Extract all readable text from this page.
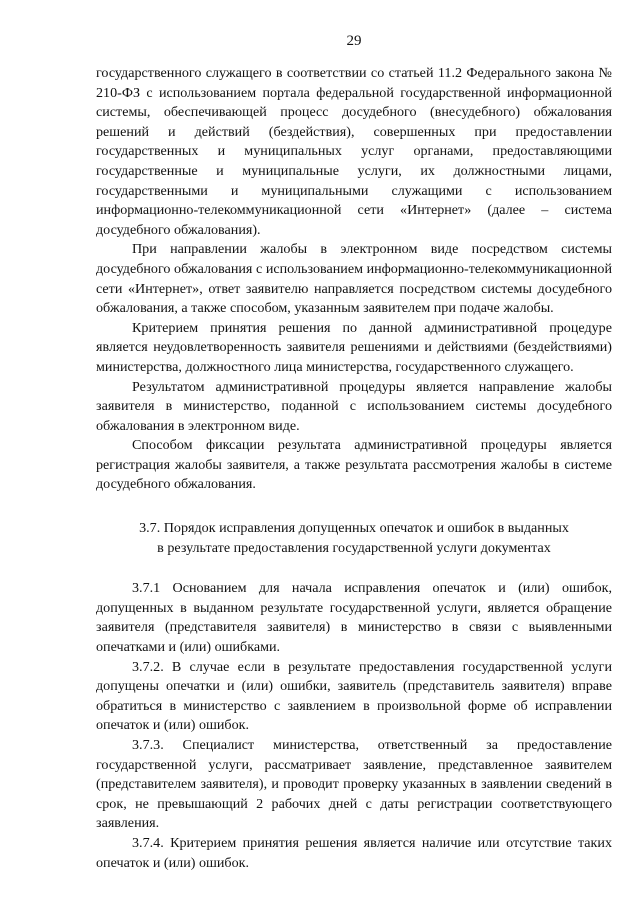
29

государственного служащего в соответствии со статьей 11.2 Федерального закона № 210-ФЗ с использованием портала федеральной государственной информационной системы, обеспечивающей процесс досудебного (внесудебного) обжалования решений и действий (бездействия), совершенных при предоставлении государственных и муниципальных услуг органами, предоставляющими государственные и муниципальные услуги, их должностными лицами, государственными и муниципальными служащими с использованием информационно-телекоммуникационной сети «Интернет» (далее – система досудебного обжалования).

При направлении жалобы в электронном виде посредством системы досудебного обжалования с использованием информационно-телекоммуникационной сети «Интернет», ответ заявителю направляется посредством системы досудебного обжалования, а также способом, указанным заявителем при подаче жалобы.

Критерием принятия решения по данной административной процедуре является неудовлетворенность заявителя решениями и действиями (бездействиями) министерства, должностного лица министерства, государственного служащего.

Результатом административной процедуры является направление жалобы заявителя в министерство, поданной с использованием системы досудебного обжалования в электронном виде.

Способом фиксации результата административной процедуры является регистрация жалобы заявителя, а также результата рассмотрения жалобы в системе досудебного обжалования.

3.7. Порядок исправления допущенных опечаток и ошибок в выданных в результате предоставления государственной услуги документах

3.7.1 Основанием для начала исправления опечаток и (или) ошибок, допущенных в выданном результате государственной услуги, является обращение заявителя (представителя заявителя) в министерство в связи с выявленными опечатками и (или) ошибками.

3.7.2. В случае если в результате предоставления государственной услуги допущены опечатки и (или) ошибки, заявитель (представитель заявителя) вправе обратиться в министерство с заявлением в произвольной форме об исправлении опечаток и (или) ошибок.

3.7.3. Специалист министерства, ответственный за предоставление государственной услуги, рассматривает заявление, представленное заявителем (представителем заявителя), и проводит проверку указанных в заявлении сведений в срок, не превышающий 2 рабочих дней с даты регистрации соответствующего заявления.

3.7.4. Критерием принятия решения является наличие или отсутствие таких опечаток и (или) ошибок.
